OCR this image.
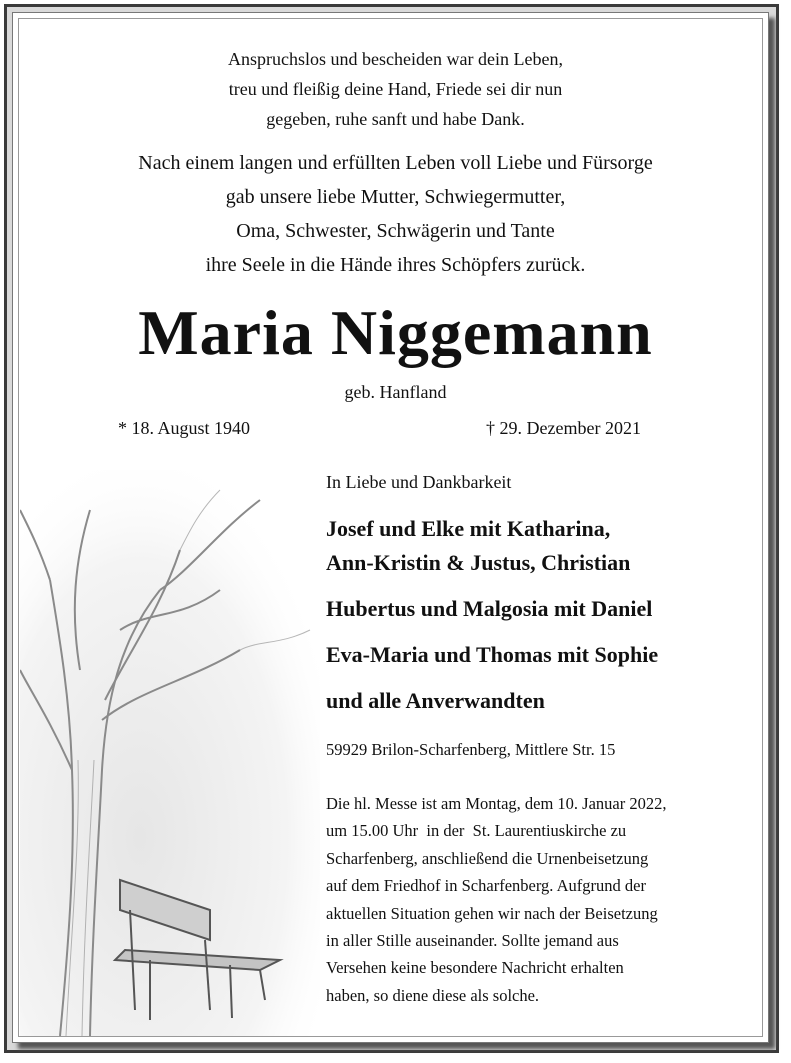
Anspruchslos und bescheiden war dein Leben,
treu und fleißig deine Hand, Friede sei dir nun
gegeben, ruhe sanft und habe Dank.
Nach einem langen und erfüllten Leben voll Liebe und Fürsorge
gab unsere liebe Mutter, Schwiegermutter,
Oma, Schwester, Schwägerin und Tante
ihre Seele in die Hände ihres Schöpfers zurück.
Maria Niggemann
geb. Hanfland
* 18. August 1940	† 29. Dezember 2021
In Liebe und Dankbarkeit
Josef und Elke mit Katharina,
Ann-Kristin & Justus, Christian
Hubertus und Malgosia mit Daniel
Eva-Maria und Thomas mit Sophie
und alle Anverwandten
59929 Brilon-Scharfenberg, Mittlere Str. 15
Die hl. Messe ist am Montag, dem 10. Januar 2022,
um 15.00 Uhr  in der  St. Laurentiuskirche zu
Scharfenberg, anschließend die Urnenbeisetzung
auf dem Friedhof in Scharfenberg. Aufgrund der
aktuellen Situation gehen wir nach der Beisetzung
in aller Stille auseinander. Sollte jemand aus
Versehen keine besondere Nachricht erhalten
haben, so diene diese als solche.
